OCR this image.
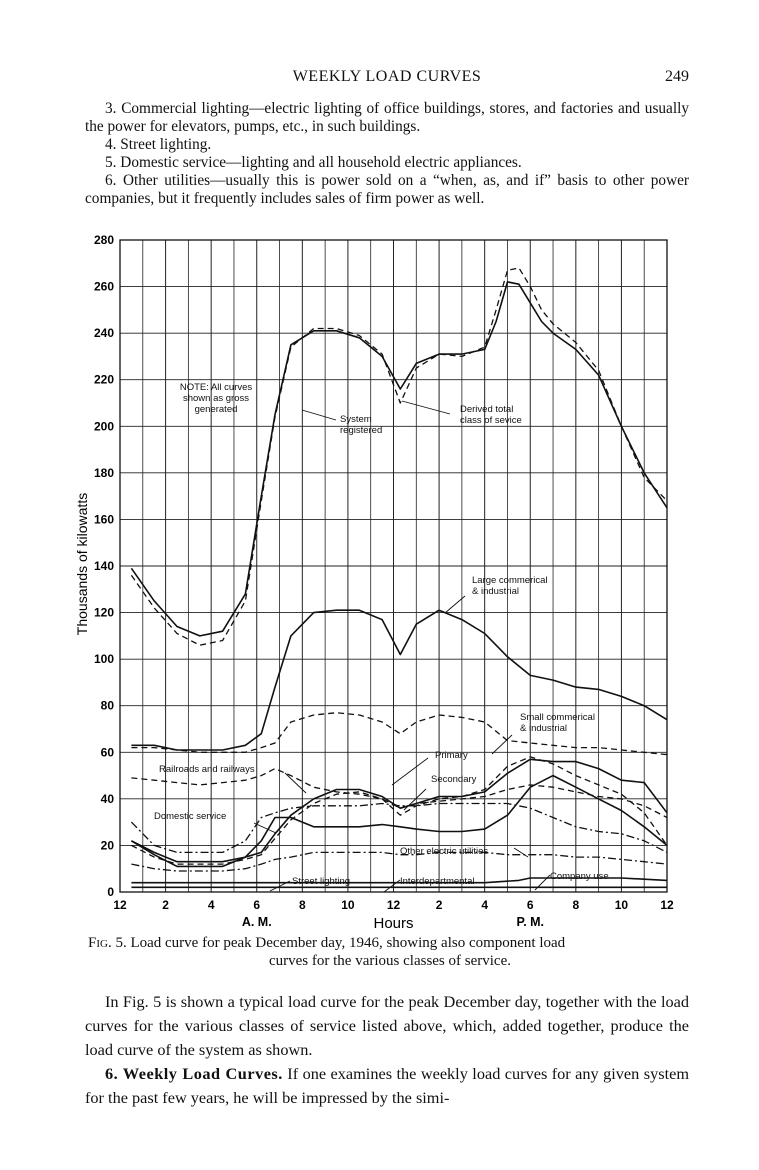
WEEKLY LOAD CURVES	249

3. Commercial lighting—electric lighting of office buildings, stores, and factories and usually the power for elevators, pumps, etc., in such buildings.

4. Street lighting.

5. Domestic service—lighting and all household electric appliances.

6. Other utilities—usually this is power sold on a “when, as, and if” basis to other power companies, but it frequently includes sales of firm power as well.

0
20
40
60
80
100
120
140
160
180
200
220
240
260
280
12	2	4	6	8	10	12	2	4	6	8	10	12
A. M.	P. M.
Hours
Thousands of kilowatts
NOTE: All curves shown as gross generated
System registered
Derived total class of sevice
Large commerical & industrial
Small commerical & industrial
Railroads and railways
Primary
Secondary
Domestic service
Other electric utilities
Street lighting	Interdepartmental	Company use
Fig. 5. Load curve for peak December day, 1946, showing also component load
curves for the various classes of service.

In Fig. 5 is shown a typical load curve for the peak December day, together with the load curves for the various classes of service listed above, which, added together, produce the load curve of the system as shown.

6. Weekly Load Curves. If one examines the weekly load curves for any given system for the past few years, he will be impressed by the simi-
